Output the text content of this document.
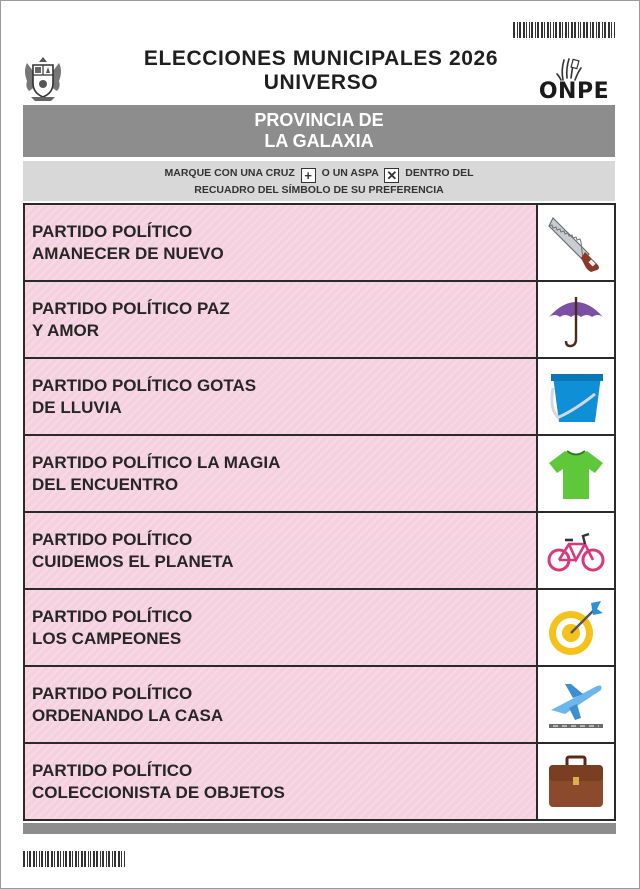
ELECCIONES MUNICIPALES 2026
UNIVERSO	ONPE
PROVINCIA DE
LA GALAXIA
MARQUE CON UNA CRUZ + O UN ASPA ✕ DENTRO DEL
RECUADRO DEL SÍMBOLO DE SU PREFERENCIA
PARTIDO POLÍTICO
AMANECER DE NUEVO
PARTIDO POLÍTICO PAZ
Y AMOR
PARTIDO POLÍTICO GOTAS
DE LLUVIA
PARTIDO POLÍTICO LA MAGIA
DEL ENCUENTRO
PARTIDO POLÍTICO
CUIDEMOS EL PLANETA
PARTIDO POLÍTICO
LOS CAMPEONES
PARTIDO POLÍTICO
ORDENANDO LA CASA
PARTIDO POLÍTICO
COLECCIONISTA DE OBJETOS
